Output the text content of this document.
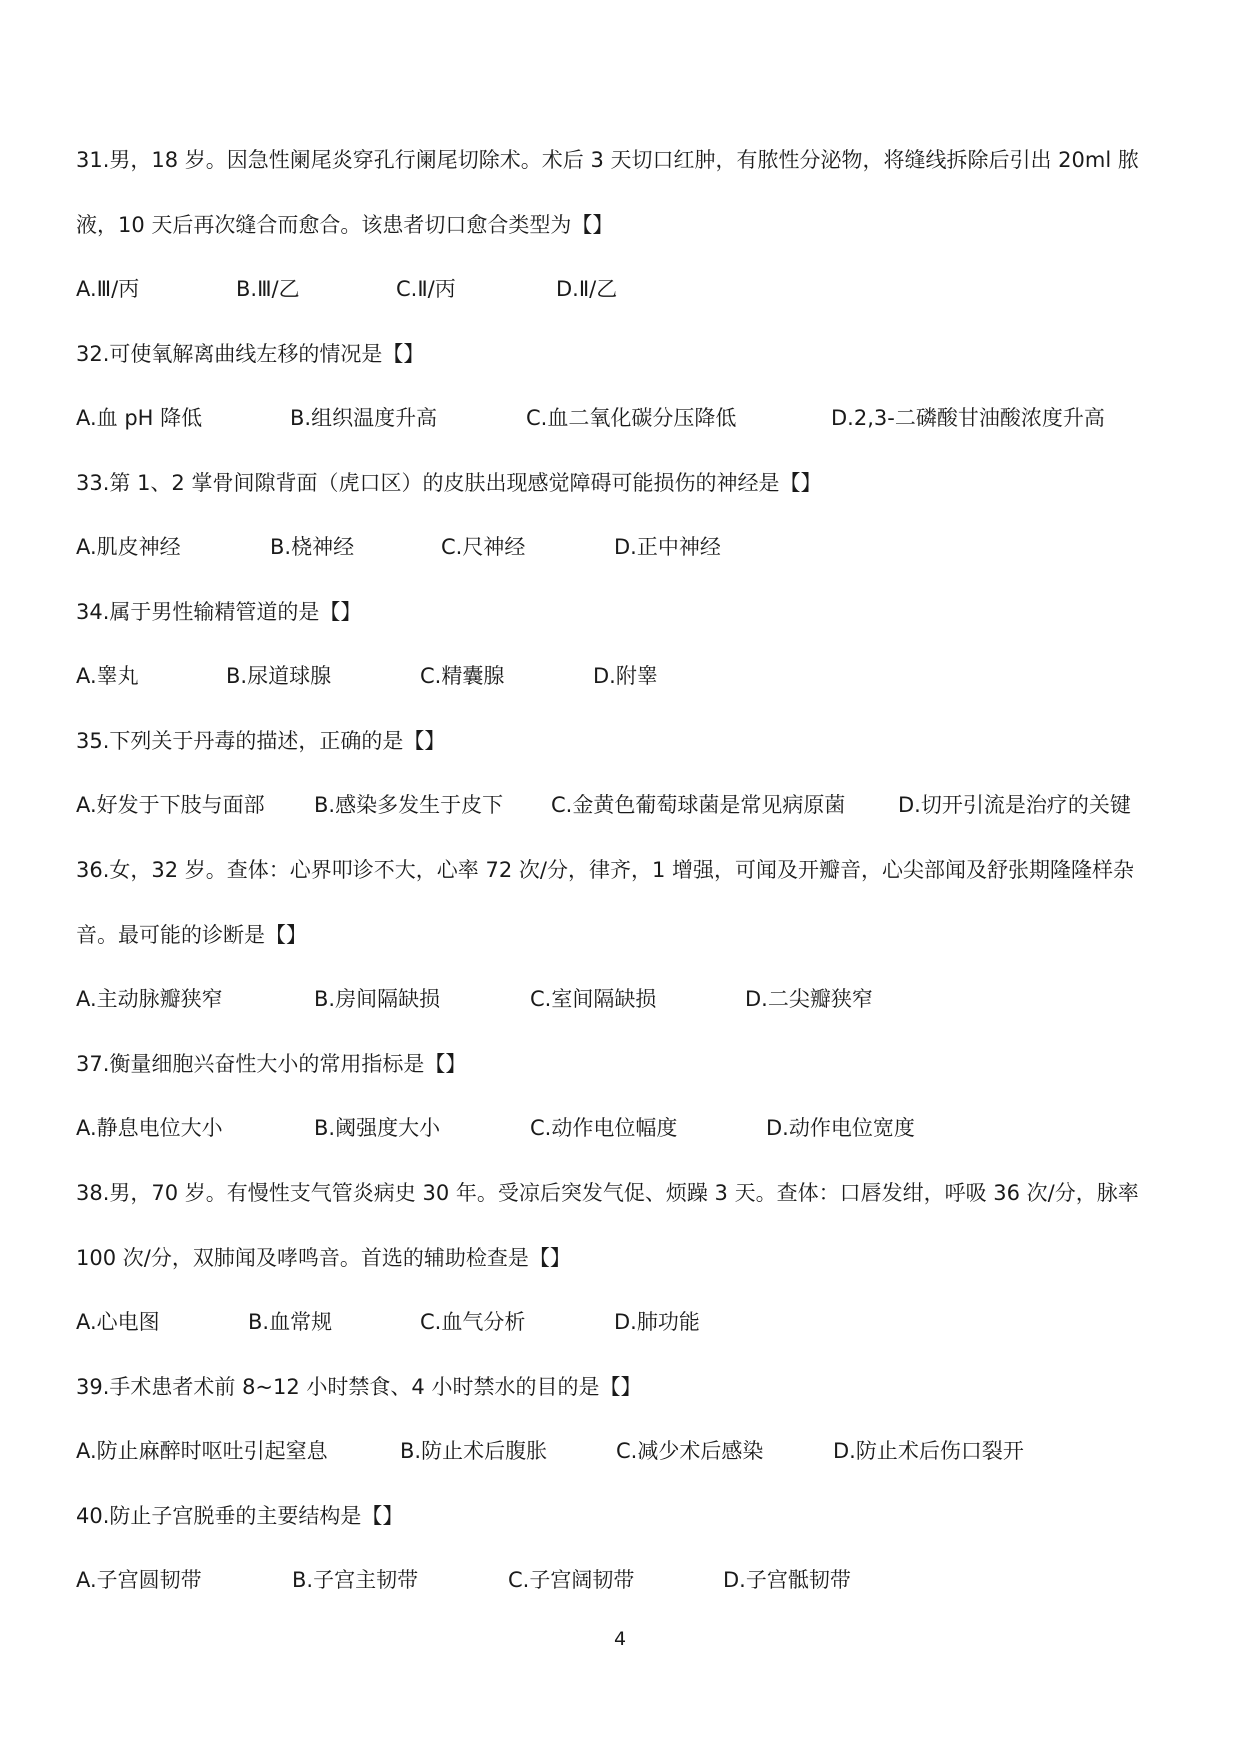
31.男，18 岁。因急性阑尾炎穿孔行阑尾切除术。术后 3 天切口红肿，有脓性分泌物，将缝线拆除后引出 20ml 脓
液，10 天后再次缝合而愈合。该患者切口愈合类型为【】
A.Ⅲ/丙	B.Ⅲ/乙	C.Ⅱ/丙	D.Ⅱ/乙
32.可使氧解离曲线左移的情况是【】
A.血 pH 降低	B.组织温度升高	C.血二氧化碳分压降低	D.2,3-二磷酸甘油酸浓度升高
33.第 1、2 掌骨间隙背面（虎口区）的皮肤出现感觉障碍可能损伤的神经是【】
A.肌皮神经	B.桡神经	C.尺神经	D.正中神经
34.属于男性输精管道的是【】
A.睾丸	B.尿道球腺	C.精囊腺	D.附睾
35.下列关于丹毒的描述，正确的是【】
A.好发于下肢与面部 B.感染多发生于皮下 C.金黄色葡萄球菌是常见病原菌	D.切开引流是治疗的关键
36.女，32 岁。查体：心界叩诊不大，心率 72 次/分，律齐，1 增强，可闻及开瓣音，心尖部闻及舒张期隆隆样杂
音。最可能的诊断是【】
A.主动脉瓣狭窄	B.房间隔缺损	C.室间隔缺损	D.二尖瓣狭窄
37.衡量细胞兴奋性大小的常用指标是【】
A.静息电位大小	B.阈强度大小	C.动作电位幅度	D.动作电位宽度
38.男，70 岁。有慢性支气管炎病史 30 年。受凉后突发气促、烦躁 3 天。查体：口唇发绀，呼吸 36 次/分，脉率
100 次/分，双肺闻及哮鸣音。首选的辅助检查是【】
A.心电图	B.血常规	C.血气分析	D.肺功能
39.手术患者术前 8~12 小时禁食、4 小时禁水的目的是【】
A.防止麻醉时呕吐引起窒息	B.防止术后腹胀	C.减少术后感染	D.防止术后伤口裂开
40.防止子宫脱垂的主要结构是【】
A.子宫圆韧带	B.子宫主韧带	C.子宫阔韧带	D.子宫骶韧带
4
